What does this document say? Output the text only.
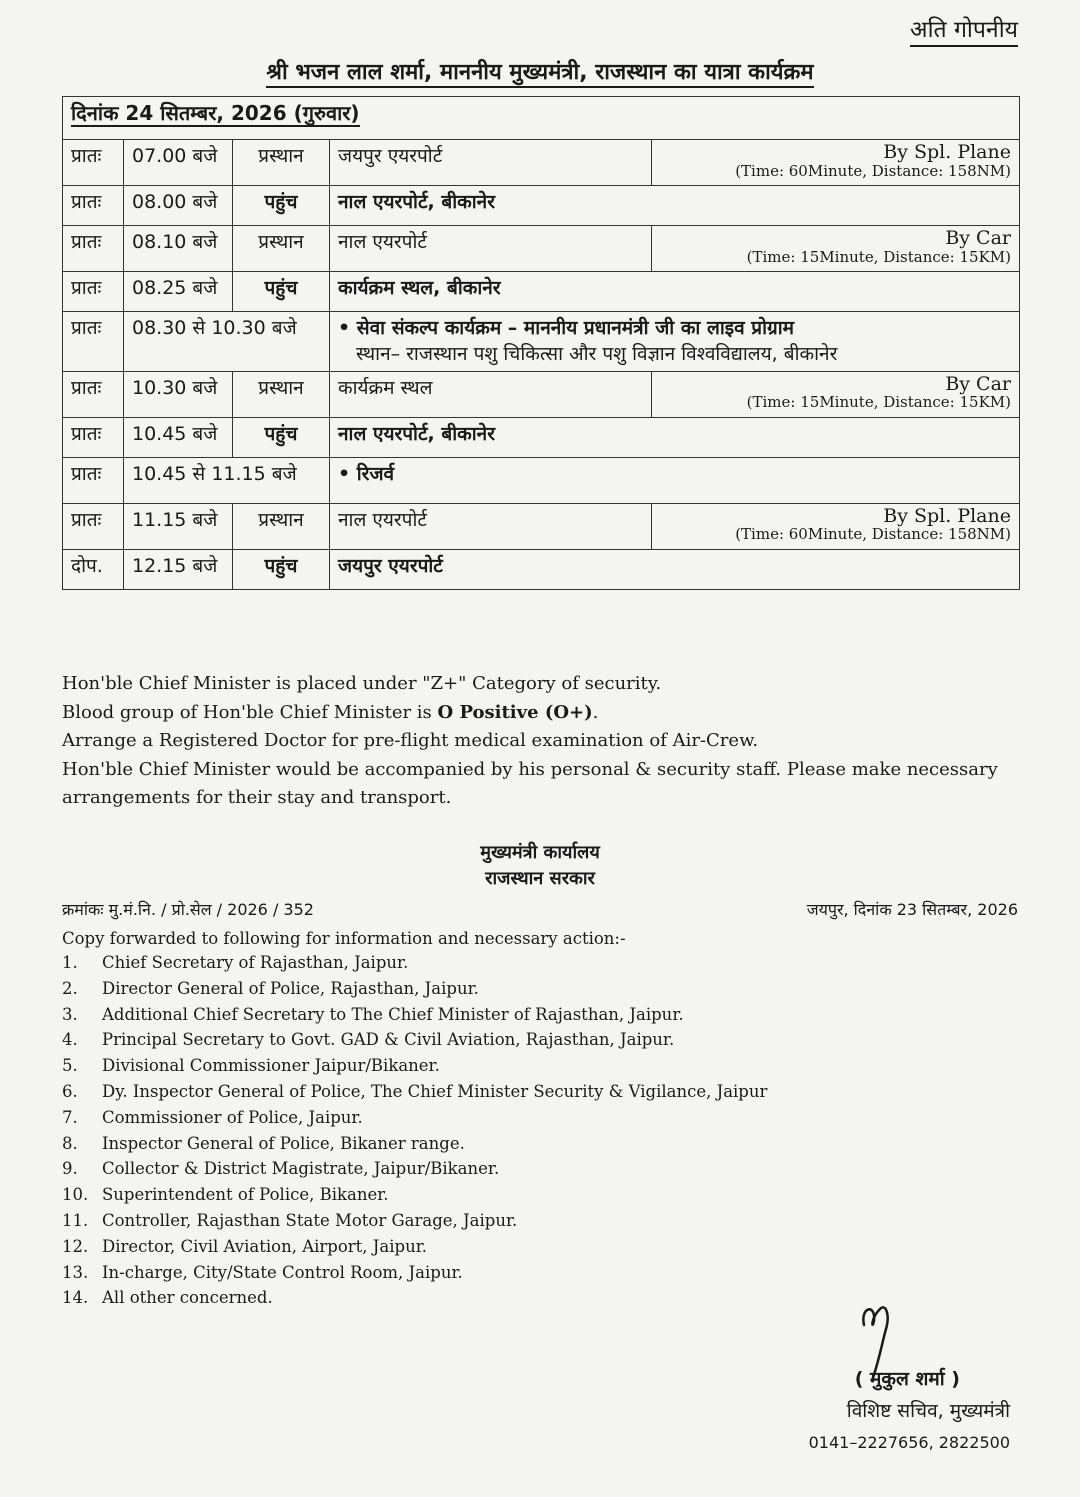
अति गोपनीय
श्री भजन लाल शर्मा, माननीय मुख्यमंत्री, राजस्थान का यात्रा कार्यक्रम
दिनांक 24 सितम्बर, 2026 (गुरुवार)				
प्रातः	07.00 बजे	प्रस्थान	जयपुर एयरपोर्ट	By Spl. Plane
(Time: 60Minute, Distance: 158NM)

प्रातः	08.00 बजे	पहुंच	नाल एयरपोर्ट, बीकानेर	
प्रातः	08.10 बजे	प्रस्थान	नाल एयरपोर्ट	By Car
(Time: 15Minute, Distance: 15KM)

प्रातः	08.25 बजे	पहुंच	कार्यक्रम स्थल, बीकानेर	
प्रातः	08.30 से 10.30 बजे		• सेवा संकल्प कार्यक्रम – माननीय प्रधानमंत्री जी का लाइव प्रोग्राम
स्थान– राजस्थान पशु चिकित्सा और पशु विज्ञान विश्वविद्यालय, बीकानेर	

प्रातः	10.30 बजे	प्रस्थान	कार्यक्रम स्थल	By Car
(Time: 15Minute, Distance: 15KM)

प्रातः	10.45 बजे	पहुंच	नाल एयरपोर्ट, बीकानेर	
प्रातः	10.45 से 11.15 बजे		• रिजर्व	
प्रातः	11.15 बजे	प्रस्थान	नाल एयरपोर्ट	By Spl. Plane
(Time: 60Minute, Distance: 158NM)

दोप.	12.15 बजे	पहुंच	जयपुर एयरपोर्ट	

Hon'ble Chief Minister is placed under "Z+" Category of security.

Blood group of Hon'ble Chief Minister is O Positive (O+).

Arrange a Registered Doctor for pre-flight medical examination of Air-Crew.

Hon'ble Chief Minister would be accompanied by his personal & security staff. Please make necessary arrangements for their stay and transport.

मुख्यमंत्री कार्यालय
राजस्थान सरकार
क्रमांकः मु.मं.नि. / प्रो.सेल / 2026 / 352	जयपुर, दिनांक 23 सितम्बर, 2026
Copy forwarded to following for information and necessary action:-
1.	Chief Secretary of Rajasthan, Jaipur.
2.	Director General of Police, Rajasthan, Jaipur.
3.	Additional Chief Secretary to The Chief Minister of Rajasthan, Jaipur.
4.	Principal Secretary to Govt. GAD & Civil Aviation, Rajasthan, Jaipur.
5.	Divisional Commissioner Jaipur/Bikaner.
6.	Dy. Inspector General of Police, The Chief Minister Security & Vigilance, Jaipur
7.	Commissioner of Police, Jaipur.
8.	Inspector General of Police, Bikaner range.
9.	Collector & District Magistrate, Jaipur/Bikaner.
10. Superintendent of Police, Bikaner.
11. Controller, Rajasthan State Motor Garage, Jaipur.
12. Director, Civil Aviation, Airport, Jaipur.
13. In-charge, City/State Control Room, Jaipur.
14. All other concerned.
( मुकुल शर्मा )
विशिष्ट सचिव, मुख्यमंत्री
0141–2227656, 2822500
